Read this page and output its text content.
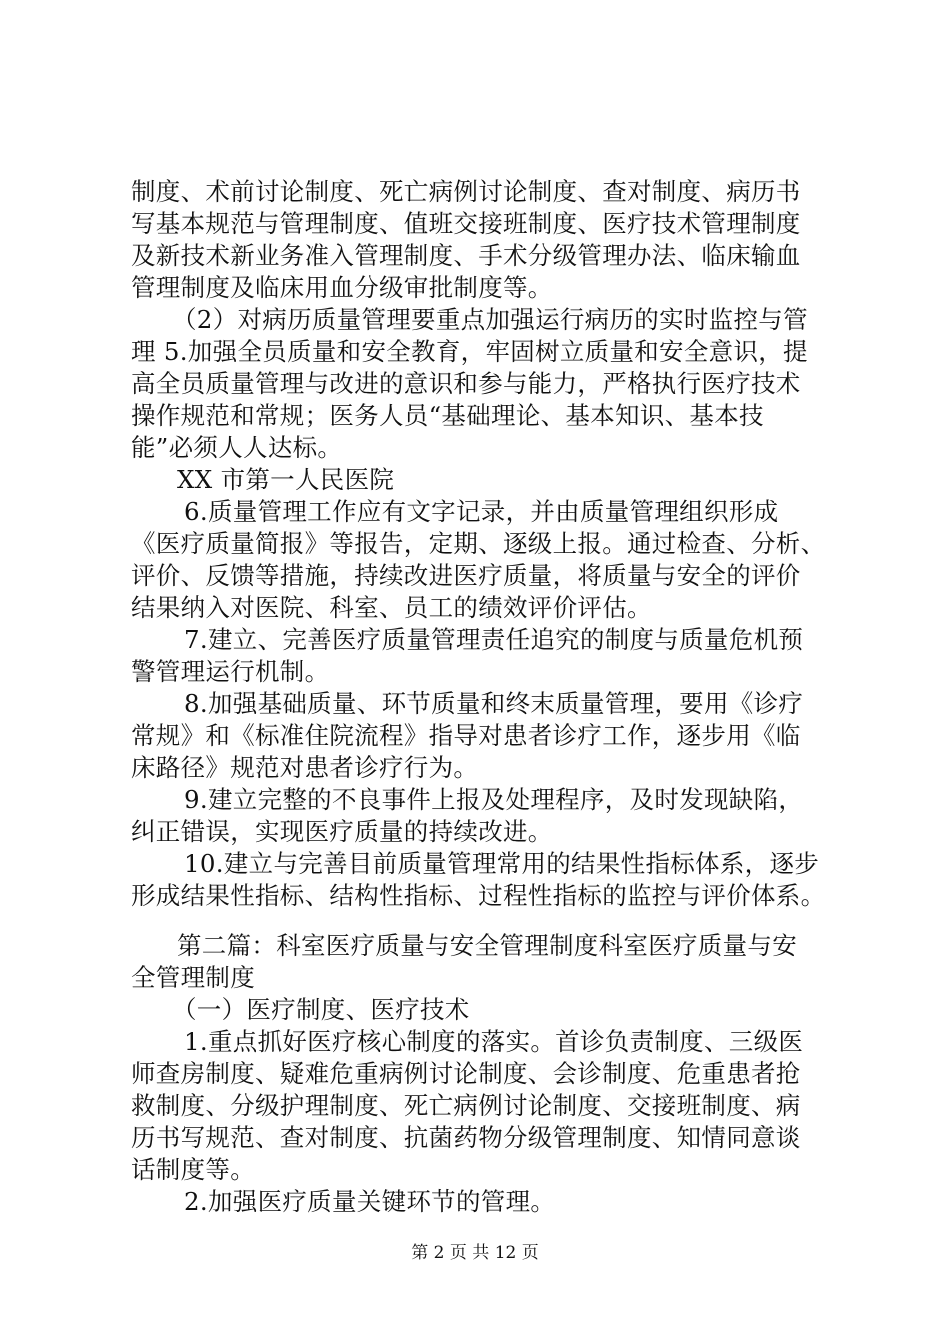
制度、术前讨论制度、死亡病例讨论制度、查对制度、病历书
写基本规范与管理制度、值班交接班制度、医疗技术管理制度
及新技术新业务准入管理制度、手术分级管理办法、临床输血
管理制度及临床用血分级审批制度等。
（2）对病历质量管理要重点加强运行病历的实时监控与管
理 5.加强全员质量和安全教育，牢固树立质量和安全意识，提
高全员质量管理与改进的意识和参与能力，严格执行医疗技术
操作规范和常规；医务人员“基础理论、基本知识、基本技
能”必须人人达标。
XX 市第一人民医院
6.质量管理工作应有文字记录，并由质量管理组织形成
《医疗质量简报》等报告，定期、逐级上报。通过检查、分析、
评价、反馈等措施，持续改进医疗质量，将质量与安全的评价
结果纳入对医院、科室、员工的绩效评价评估。
7.建立、完善医疗质量管理责任追究的制度与质量危机预
警管理运行机制。
8.加强基础质量、环节质量和终末质量管理，要用《诊疗
常规》和《标准住院流程》指导对患者诊疗工作，逐步用《临
床路径》规范对患者诊疗行为。
9.建立完整的不良事件上报及处理程序，及时发现缺陷，
纠正错误，实现医疗质量的持续改进。
10.建立与完善目前质量管理常用的结果性指标体系，逐步
形成结果性指标、结构性指标、过程性指标的监控与评价体系。
第二篇：科室医疗质量与安全管理制度科室医疗质量与安
全管理制度
（一）医疗制度、医疗技术
1.重点抓好医疗核心制度的落实。首诊负责制度、三级医
师查房制度、疑难危重病例讨论制度、会诊制度、危重患者抢
救制度、分级护理制度、死亡病例讨论制度、交接班制度、病
历书写规范、查对制度、抗菌药物分级管理制度、知情同意谈
话制度等。
2.加强医疗质量关键环节的管理。
第 2 页 共 12 页
